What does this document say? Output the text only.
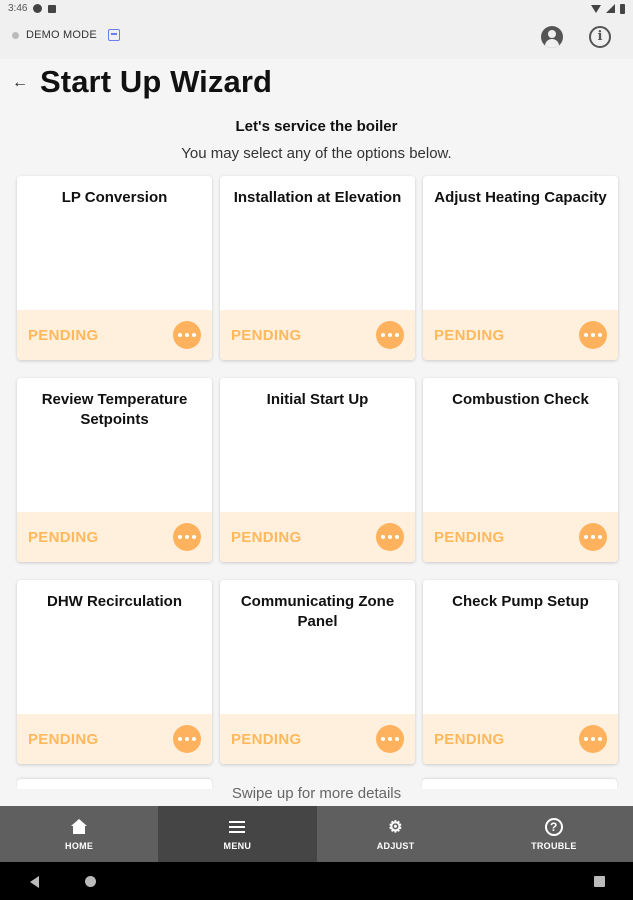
3:46
DEMO MODE	i
← Start Up Wizard
Let's service the boiler
You may select any of the options below.
LP Conversion
PENDING
Installation at Elevation
PENDING
Adjust Heating Capacity
PENDING
Review Temperature Setpoints
PENDING
Initial Start Up
PENDING
Combustion Check
PENDING
DHW Recirculation
PENDING
Communicating Zone Panel
PENDING
Check Pump Setup
PENDING
Swipe up for more details
HOME	MENU
⚙
ADJUST
?
TROUBLE
